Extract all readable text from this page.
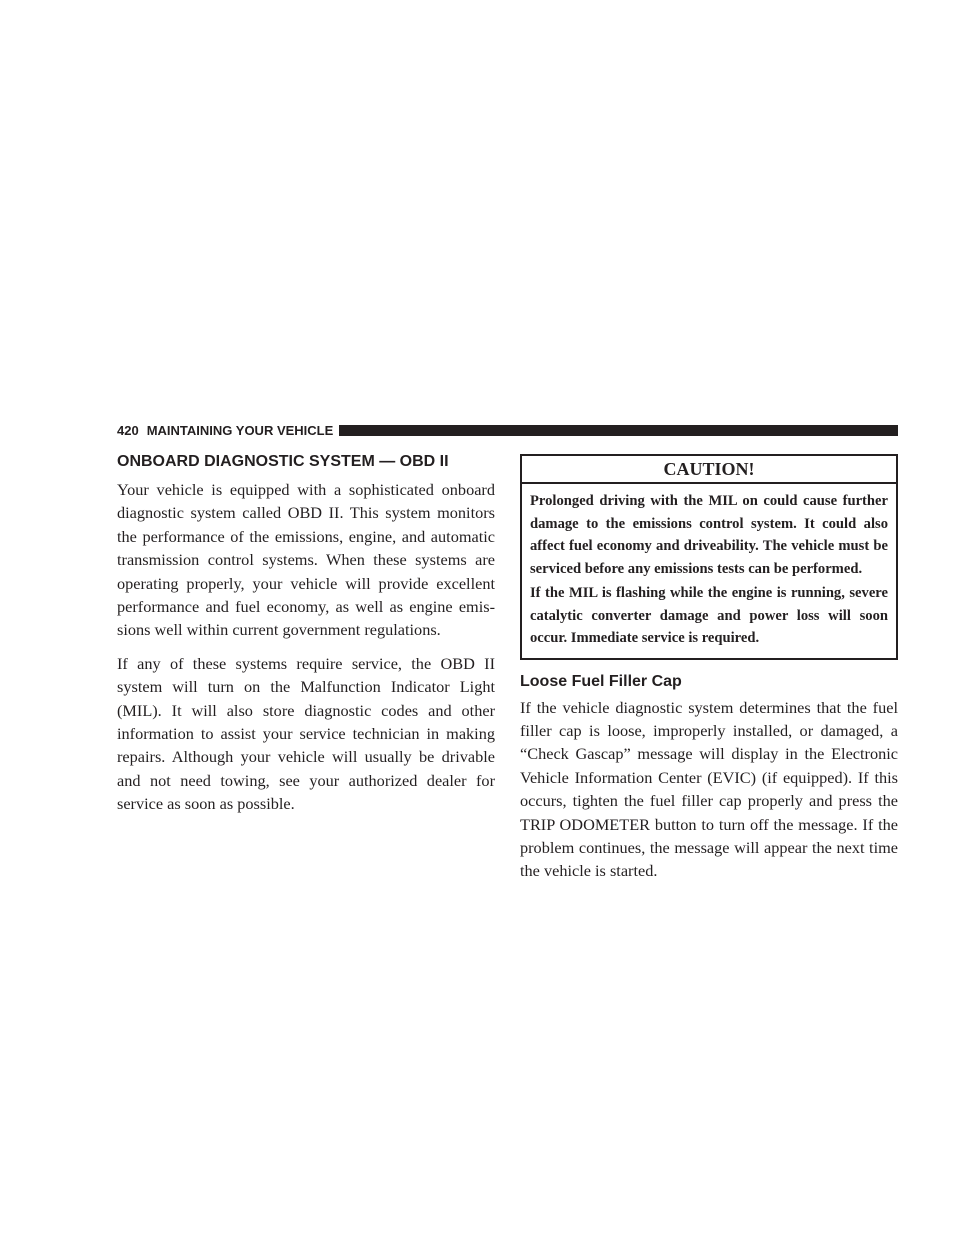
420 MAINTAINING YOUR VEHICLE
ONBOARD DIAGNOSTIC SYSTEM — OBD II

Your vehicle is equipped with a sophisticated onboard diagnostic system called OBD II. This system monitors the performance of the emissions, engine, and automatic transmission control systems. When these systems are operating properly, your vehicle will provide excellent performance and fuel economy, as well as engine emissions well within current government regulations.

If any of these systems require service, the OBD II system will turn on the Malfunction Indicator Light (MIL). It will also store diagnostic codes and other information to assist your service technician in making repairs. Although your vehicle will usually be drivable and not need towing, see your authorized dealer for service as soon as possible.

CAUTION!

Prolonged driving with the MIL on could cause further damage to the emissions control system. It could also affect fuel economy and driveability. The vehicle must be serviced before any emissions tests can be performed.

If the MIL is flashing while the engine is running, severe catalytic converter damage and power loss will soon occur. Immediate service is required.

Loose Fuel Filler Cap

If the vehicle diagnostic system determines that the fuel filler cap is loose, improperly installed, or damaged, a “Check Gascap” message will display in the Electronic Vehicle Information Center (EVIC) (if equipped). If this occurs, tighten the fuel filler cap properly and press the TRIP ODOMETER button to turn off the message. If the problem continues, the message will appear the next time the vehicle is started.
